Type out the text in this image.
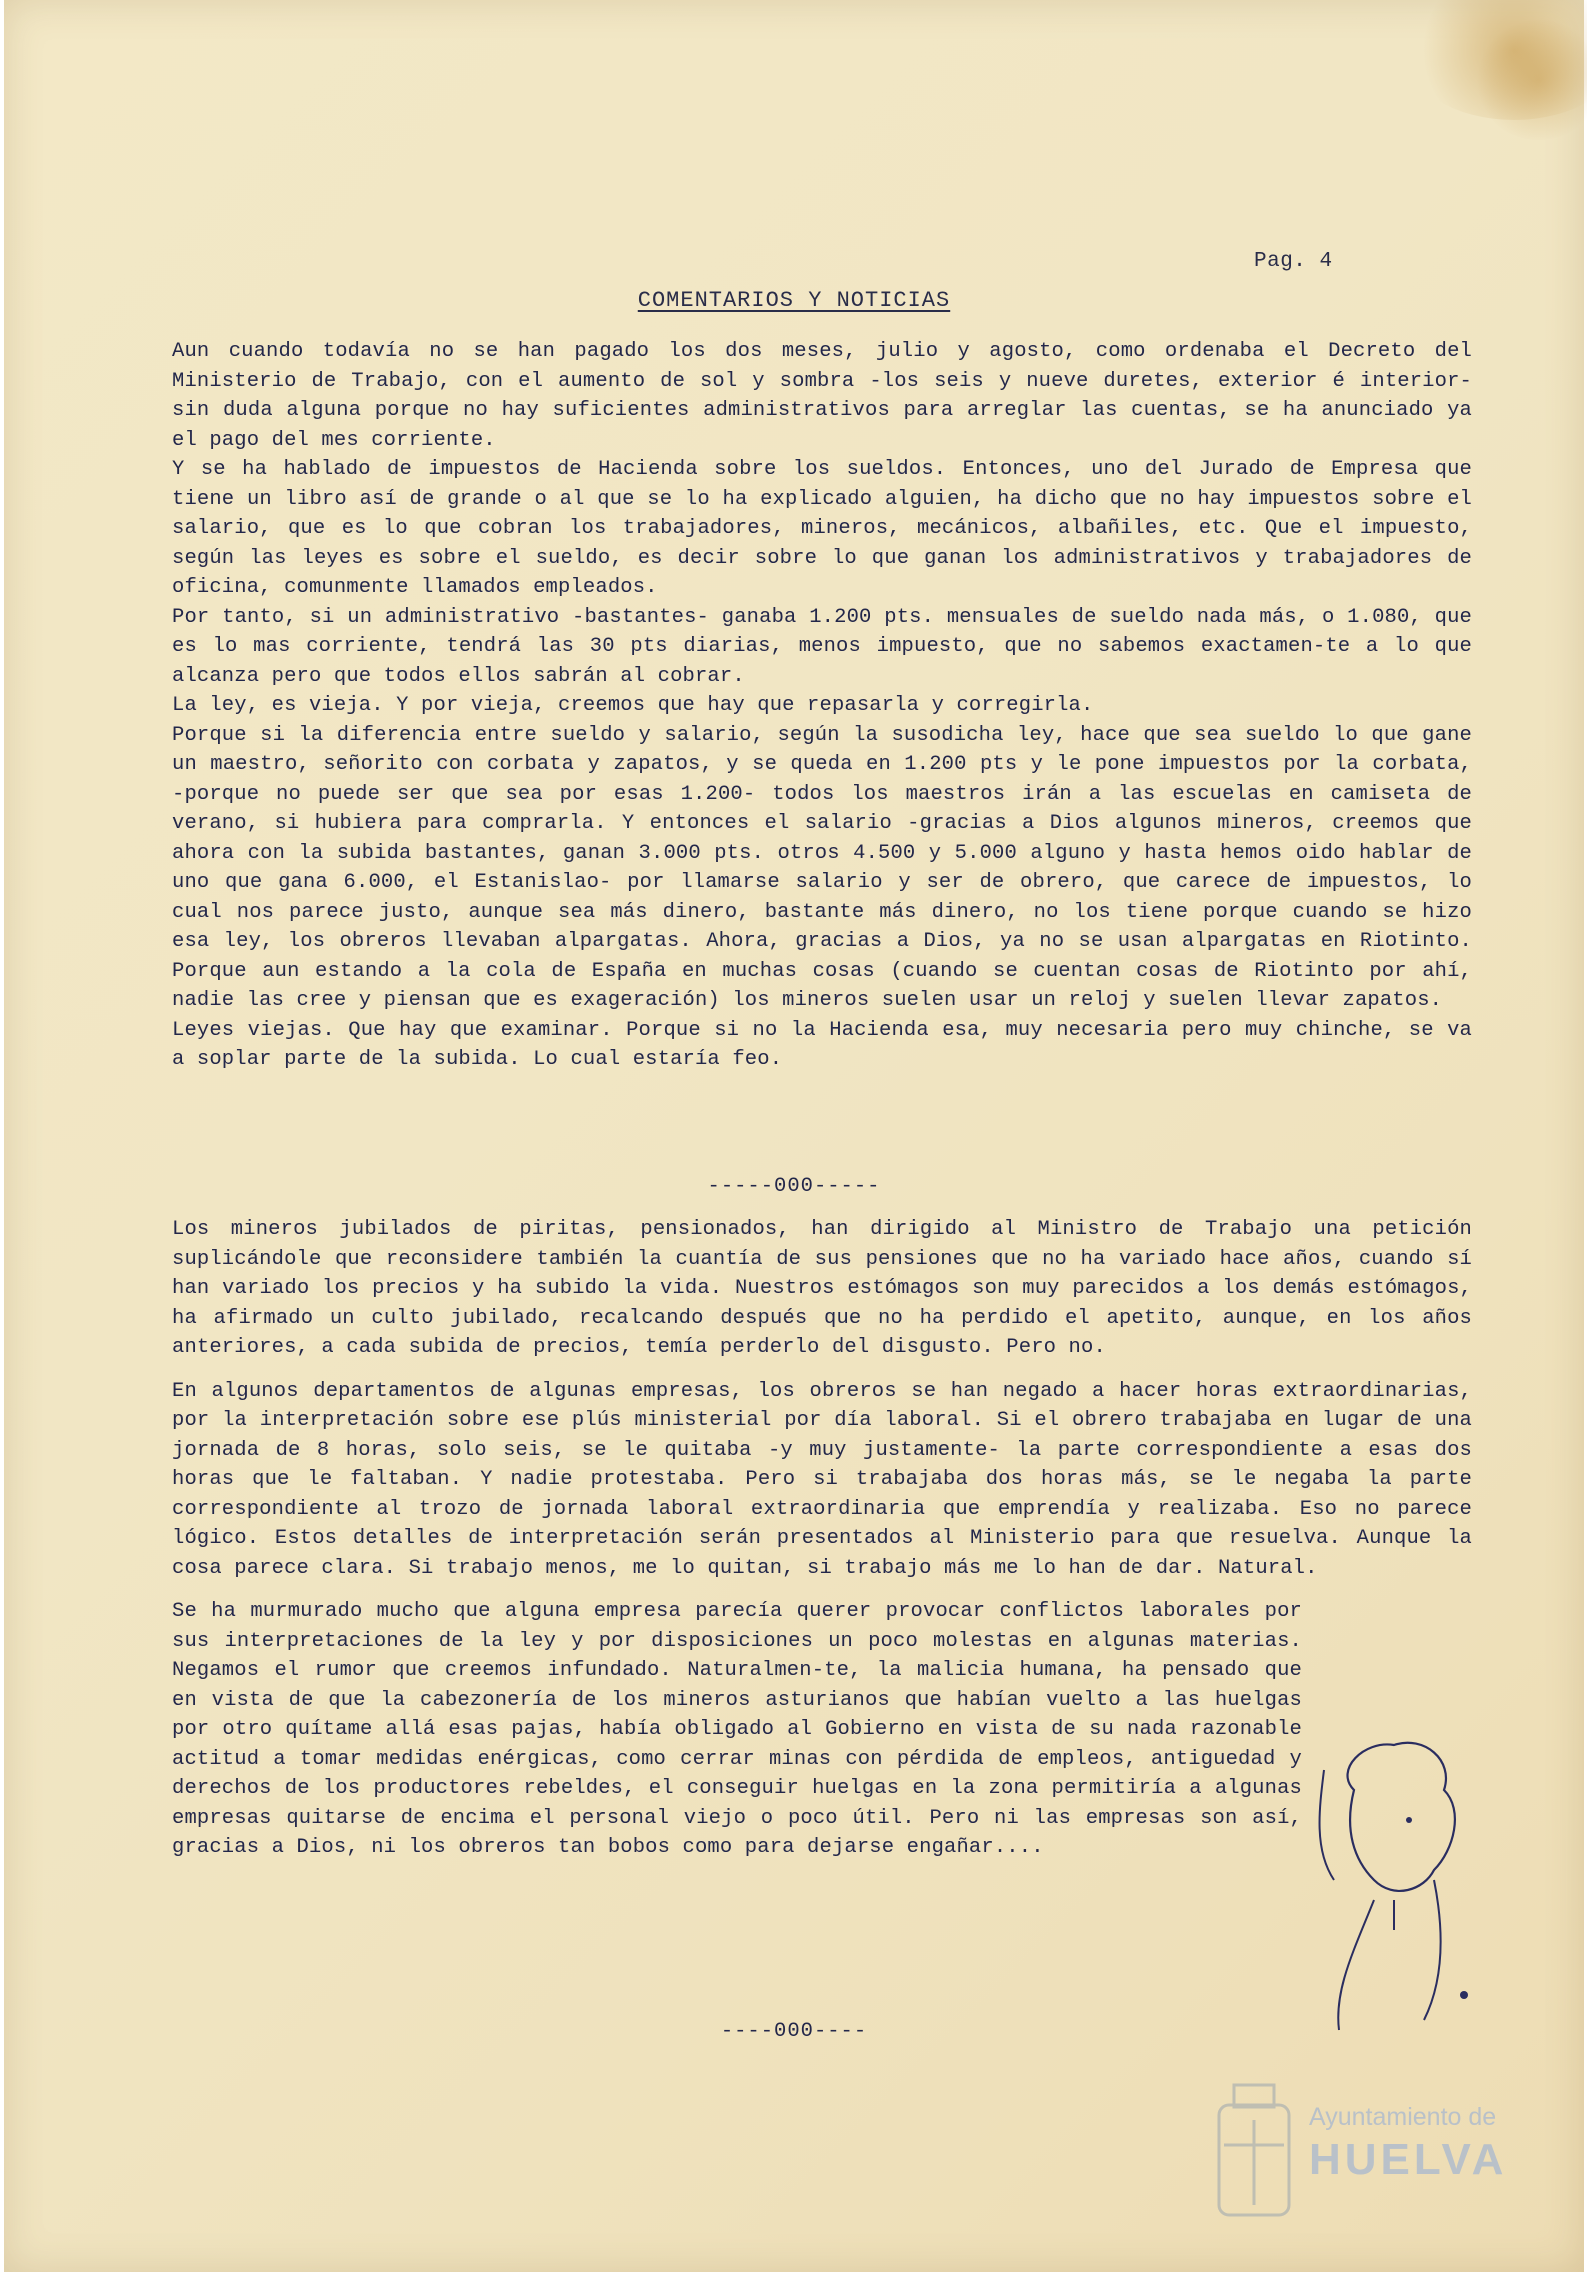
Pag. 4
COMENTARIOS Y NOTICIAS

Aun cuando todavía no se han pagado los dos meses, julio y agosto, como ordenaba el Decreto del Ministerio de Trabajo, con el aumento de sol y sombra -los seis y nueve duretes, exterior é interior- sin duda alguna porque no hay suficientes administrativos para arreglar las cuentas, se ha anunciado ya el pago del mes corriente.

Y se ha hablado de impuestos de Hacienda sobre los sueldos. Entonces, uno del Jurado de Empresa que tiene un libro así de grande o al que se lo ha explicado alguien, ha dicho que no hay impuestos sobre el salario, que es lo que cobran los trabajadores, mineros, mecánicos, albañiles, etc. Que el impuesto, según las leyes es sobre el sueldo, es decir sobre lo que ganan los administrativos y trabajadores de oficina, comunmente llamados empleados.

Por tanto, si un administrativo -bastantes- ganaba 1.200 pts. mensuales de sueldo nada más, o 1.080, que es lo mas corriente, tendrá las 30 pts diarias, menos impuesto, que no sabemos exactamen-te a lo que alcanza pero que todos ellos sabrán al cobrar.

La ley, es vieja. Y por vieja, creemos que hay que repasarla y corregirla.

Porque si la diferencia entre sueldo y salario, según la susodicha ley, hace que sea sueldo lo que gane un maestro, señorito con corbata y zapatos, y se queda en 1.200 pts y le pone impuestos por la corbata, -porque no puede ser que sea por esas 1.200- todos los maestros irán a las escuelas en camiseta de verano, si hubiera para comprarla. Y entonces el salario -gracias a Dios algunos mineros, creemos que ahora con la subida bastantes, ganan 3.000 pts. otros 4.500 y 5.000 alguno y hasta hemos oido hablar de uno que gana 6.000, el Estanislao- por llamarse salario y ser de obrero, que carece de impuestos, lo cual nos parece justo, aunque sea más dinero, bastante más dinero, no los tiene porque cuando se hizo esa ley, los obreros llevaban alpargatas. Ahora, gracias a Dios, ya no se usan alpargatas en Riotinto. Porque aun estando a la cola de España en muchas cosas (cuando se cuentan cosas de Riotinto por ahí, nadie las cree y piensan que es exageración) los mineros suelen usar un reloj y suelen llevar zapatos.

Leyes viejas. Que hay que examinar. Porque si no la Hacienda esa, muy necesaria pero muy chinche, se va a soplar parte de la subida. Lo cual estaría feo.

-----000-----

Los mineros jubilados de piritas, pensionados, han dirigido al Ministro de Trabajo una petición suplicándole que reconsidere también la cuantía de sus pensiones que no ha variado hace años, cuando sí han variado los precios y ha subido la vida. Nuestros estómagos son muy parecidos a los demás estómagos, ha afirmado un culto jubilado, recalcando después que no ha perdido el apetito, aunque, en los años anteriores, a cada subida de precios, temía perderlo del disgusto. Pero no.

En algunos departamentos de algunas empresas, los obreros se han negado a hacer horas extraordinarias, por la interpretación sobre ese plús ministerial por día laboral. Si el obrero trabajaba en lugar de una jornada de 8 horas, solo seis, se le quitaba -y muy justamente- la parte correspondiente a esas dos horas que le faltaban. Y nadie protestaba. Pero si trabajaba dos horas más, se le negaba la parte correspondiente al trozo de jornada laboral extraordinaria que emprendía y realizaba. Eso no parece lógico. Estos detalles de interpretación serán presentados al Ministerio para que resuelva. Aunque la cosa parece clara. Si trabajo menos, me lo quitan, si trabajo más me lo han de dar. Natural.

Se ha murmurado mucho que alguna empresa parecía querer provocar conflictos laborales por sus interpretaciones de la ley y por disposiciones un poco molestas en algunas materias. Negamos el rumor que creemos infundado. Naturalmen-te, la malicia humana, ha pensado que en vista de que la cabezonería de los mineros asturianos que habían vuelto a las huelgas por otro quítame allá esas pajas, había obligado al Gobierno en vista de su nada razonable actitud a tomar medidas enérgicas, como cerrar minas con pérdida de empleos, antiguedad y derechos de los productores rebeldes, el conseguir huelgas en la zona permitiría a algunas empresas quitarse de encima el personal viejo o poco útil. Pero ni las empresas son así, gracias a Dios, ni los obreros tan bobos como para dejarse engañar....

----000----
Ayuntamiento de
HUELVA
